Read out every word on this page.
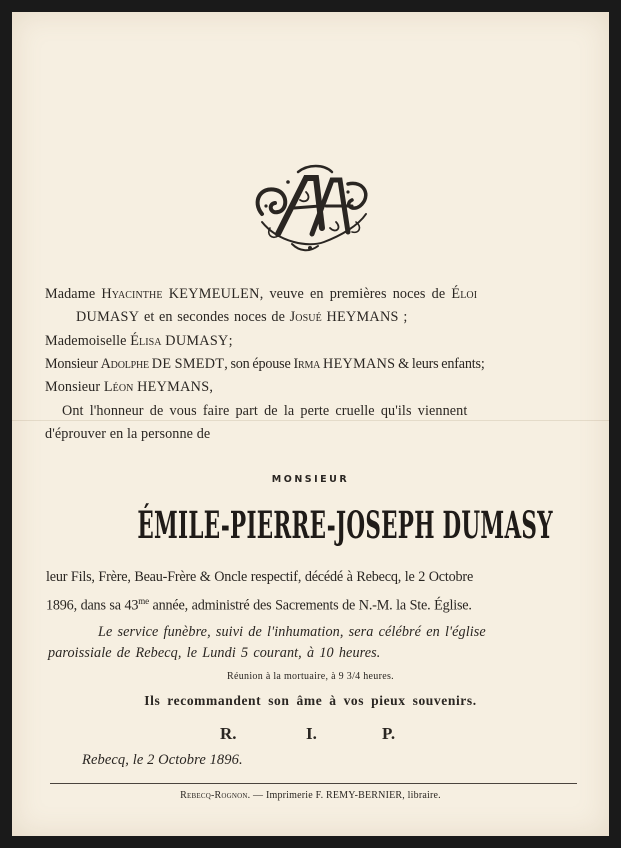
Madame Hyacinthe KEYMEULEN, veuve en premières noces de Éloi

DUMASY et en secondes noces de Josué HEYMANS ;

Mademoiselle Élisa DUMASY;

Monsieur Adolphe DE SMEDT, son épouse Irma HEYMANS & leurs enfants;

Monsieur Léon HEYMANS,

Ont l'honneur de vous faire part de la perte cruelle qu'ils viennent

d'éprouver en la personne de

MONSIEUR

ÉMILE-PIERRE-JOSEPH DUMASY

leur Fils, Frère, Beau-Frère & Oncle respectif, décédé à Rebecq, le 2 Octobre

1896, dans sa $43^{me}$ année, administré des Sacrements de N.-M. la Ste. Église.

Le service funèbre, suivi de l'inhumation, sera célébré en l'église

paroissiale de Rebecq, le Lundi 5 courant, à 10 heures.

Réunion à la mortuaire, à 9 3/4 heures.

Ils recommandent son âme à vos pieux souvenirs.

R.	I.	P.

Rebecq, le 2 Octobre 1896.

Rebecq-Rognon. — Imprimerie F. REMY-BERNIER, libraire.
